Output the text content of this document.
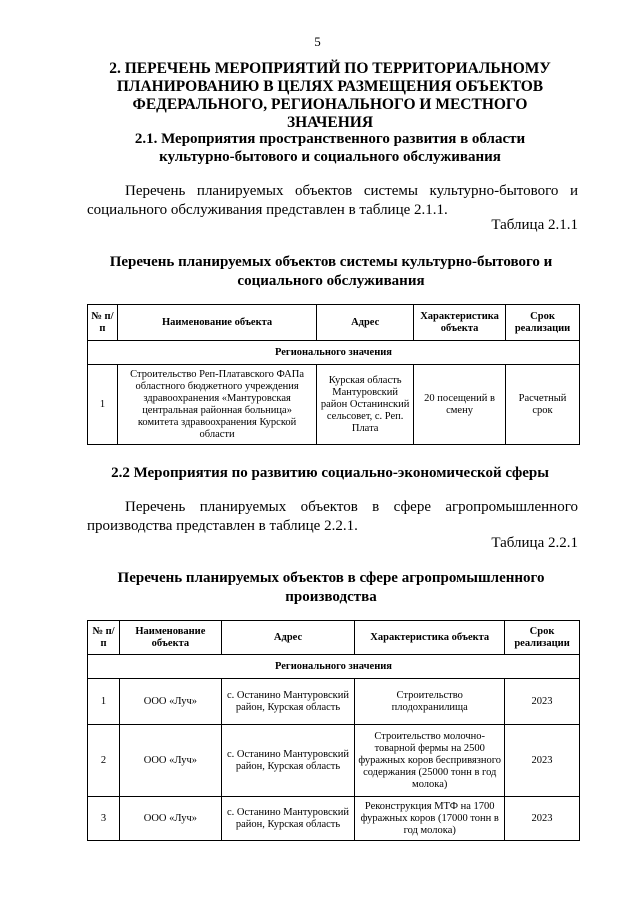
5
2. ПЕРЕЧЕНЬ МЕРОПРИЯТИЙ ПО ТЕРРИТОРИАЛЬНОМУ
ПЛАНИРОВАНИЮ В ЦЕЛЯХ РАЗМЕЩЕНИЯ ОБЪЕКТОВ
ФЕДЕРАЛЬНОГО, РЕГИОНАЛЬНОГО И МЕСТНОГО ЗНАЧЕНИЯ
2.1. Мероприятия пространственного развития в области
культурно-бытового и социального обслуживания

Перечень планируемых объектов системы культурно-бытового и социального обслуживания представлен в таблице 2.1.1.

Таблица 2.1.1
Перечень планируемых объектов системы культурно-бытового и
социального обслуживания
№ п/п	Наименование объекта	Адрес	Характеристика объекта	Срок реализации
Регионального значения				
1	Строительство Реп-Платавского ФАПа областного бюджетного учреждения здравоохранения «Мантуровская центральная районная больница» комитета здравоохранения Курской области	Курская область Мантуровский район Останинский сельсовет, с. Реп. Плата	20 посещений в смену	Расчетный срок
2.2 Мероприятия по развитию социально-экономической сферы

Перечень планируемых объектов в сфере агропромышленного производства представлен в таблице 2.2.1.

Таблица 2.2.1
Перечень планируемых объектов в сфере агропромышленного
производства
№ п/п	Наименование объекта	Адрес	Характеристика объекта	Срок реализации
Регионального значения				
1	ООО «Луч»	с. Останино Мантуровский район, Курская область	Строительство плодохранилища	2023
2	ООО «Луч»	с. Останино Мантуровский район, Курская область	Строительство молочно-товарной фермы на 2500 фуражных коров беспривязного содержания (25000 тонн в год молока)	2023
3	ООО «Луч»	с. Останино Мантуровский район, Курская область	Реконструкция МТФ на 1700 фуражных коров (17000 тонн в год молока)	2023
